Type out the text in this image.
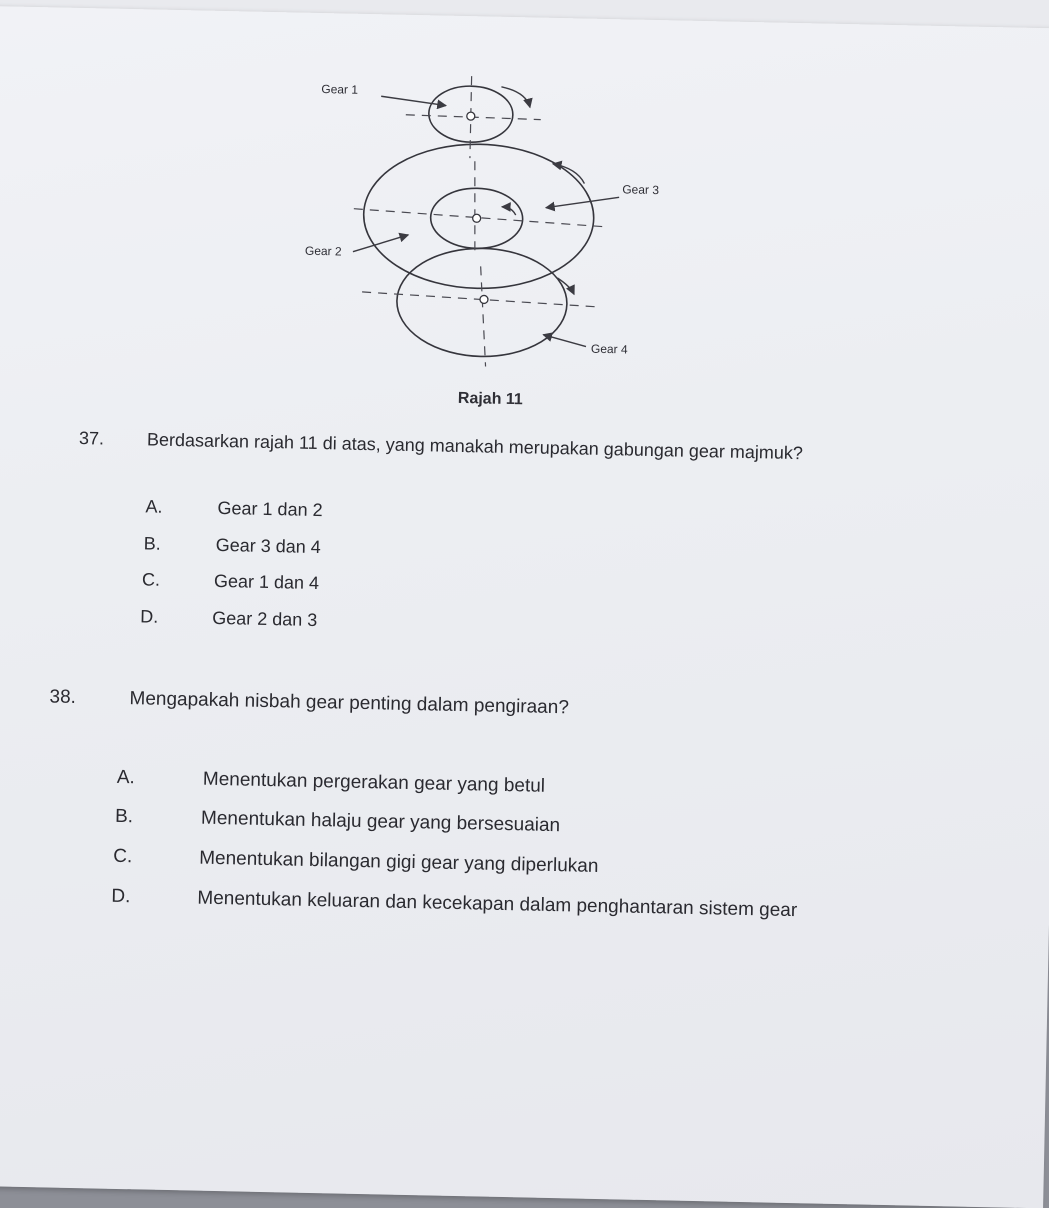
Gear 1
Gear 3
Gear 2
Gear 4
Rajah 11
37. Berdasarkan rajah 11 di atas, yang manakah merupakan gabungan gear majmuk?
A.	Gear 1 dan 2
B.	Gear 3 dan 4
C.	Gear 1 dan 4
D.	Gear 2 dan 3
38.	Mengapakah nisbah gear penting dalam pengiraan?
A.	Menentukan pergerakan gear yang betul
B.	Menentukan halaju gear yang bersesuaian
C.	Menentukan bilangan gigi gear yang diperlukan
D.	Menentukan keluaran dan kecekapan dalam penghantaran sistem gear
